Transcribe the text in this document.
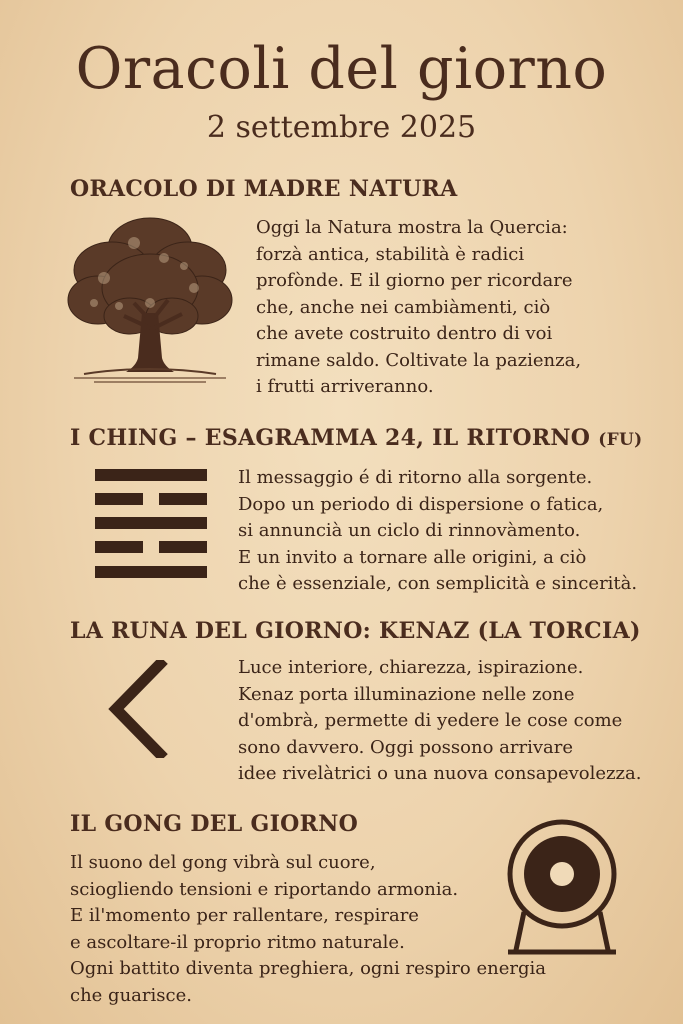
Oracoli del giorno
2 settembre 2025
ORACOLO DI MADRE NATURA
Oggi la Natura mostra la Quercia:
forzà antica, stabilità è radici
profònde. E il giorno per ricordare
che, anche nei cambiàmenti, ciò
che avete costruito dentro di voi
rimane saldo. Coltivate la pazienza,
i frutti arriveranno.
I CHING – ESAGRAMMA 24, IL RITORNO (FU)
Il messaggio é di ritorno alla sorgente.
Dopo un periodo di dispersione o fatica,
si annuncià un ciclo di rinnovàmento.
E un invito a tornare alle origini, a ciò
che è essenziale, con semplicità e sincerità.
LA RUNA DEL GIORNO: KENAZ (LA TORCIA)
Luce interiore, chiarezza, ispirazione.
Kenaz porta illuminazione nelle zone
d'ombrà, permette di yedere le cose come
sono davvero. Oggi possono arrivare
idee rivelàtrici o una nuova consapevolezza.
IL GONG DEL GIORNO
Il suono del gong vibrà sul cuore,
sciogliendo tensioni e riportando armonia.
E il'momento per rallentare, respirare
e ascoltare-il proprio ritmo naturale.
Ogni battito diventa preghiera, ogni respiro energia
che guarisce.
